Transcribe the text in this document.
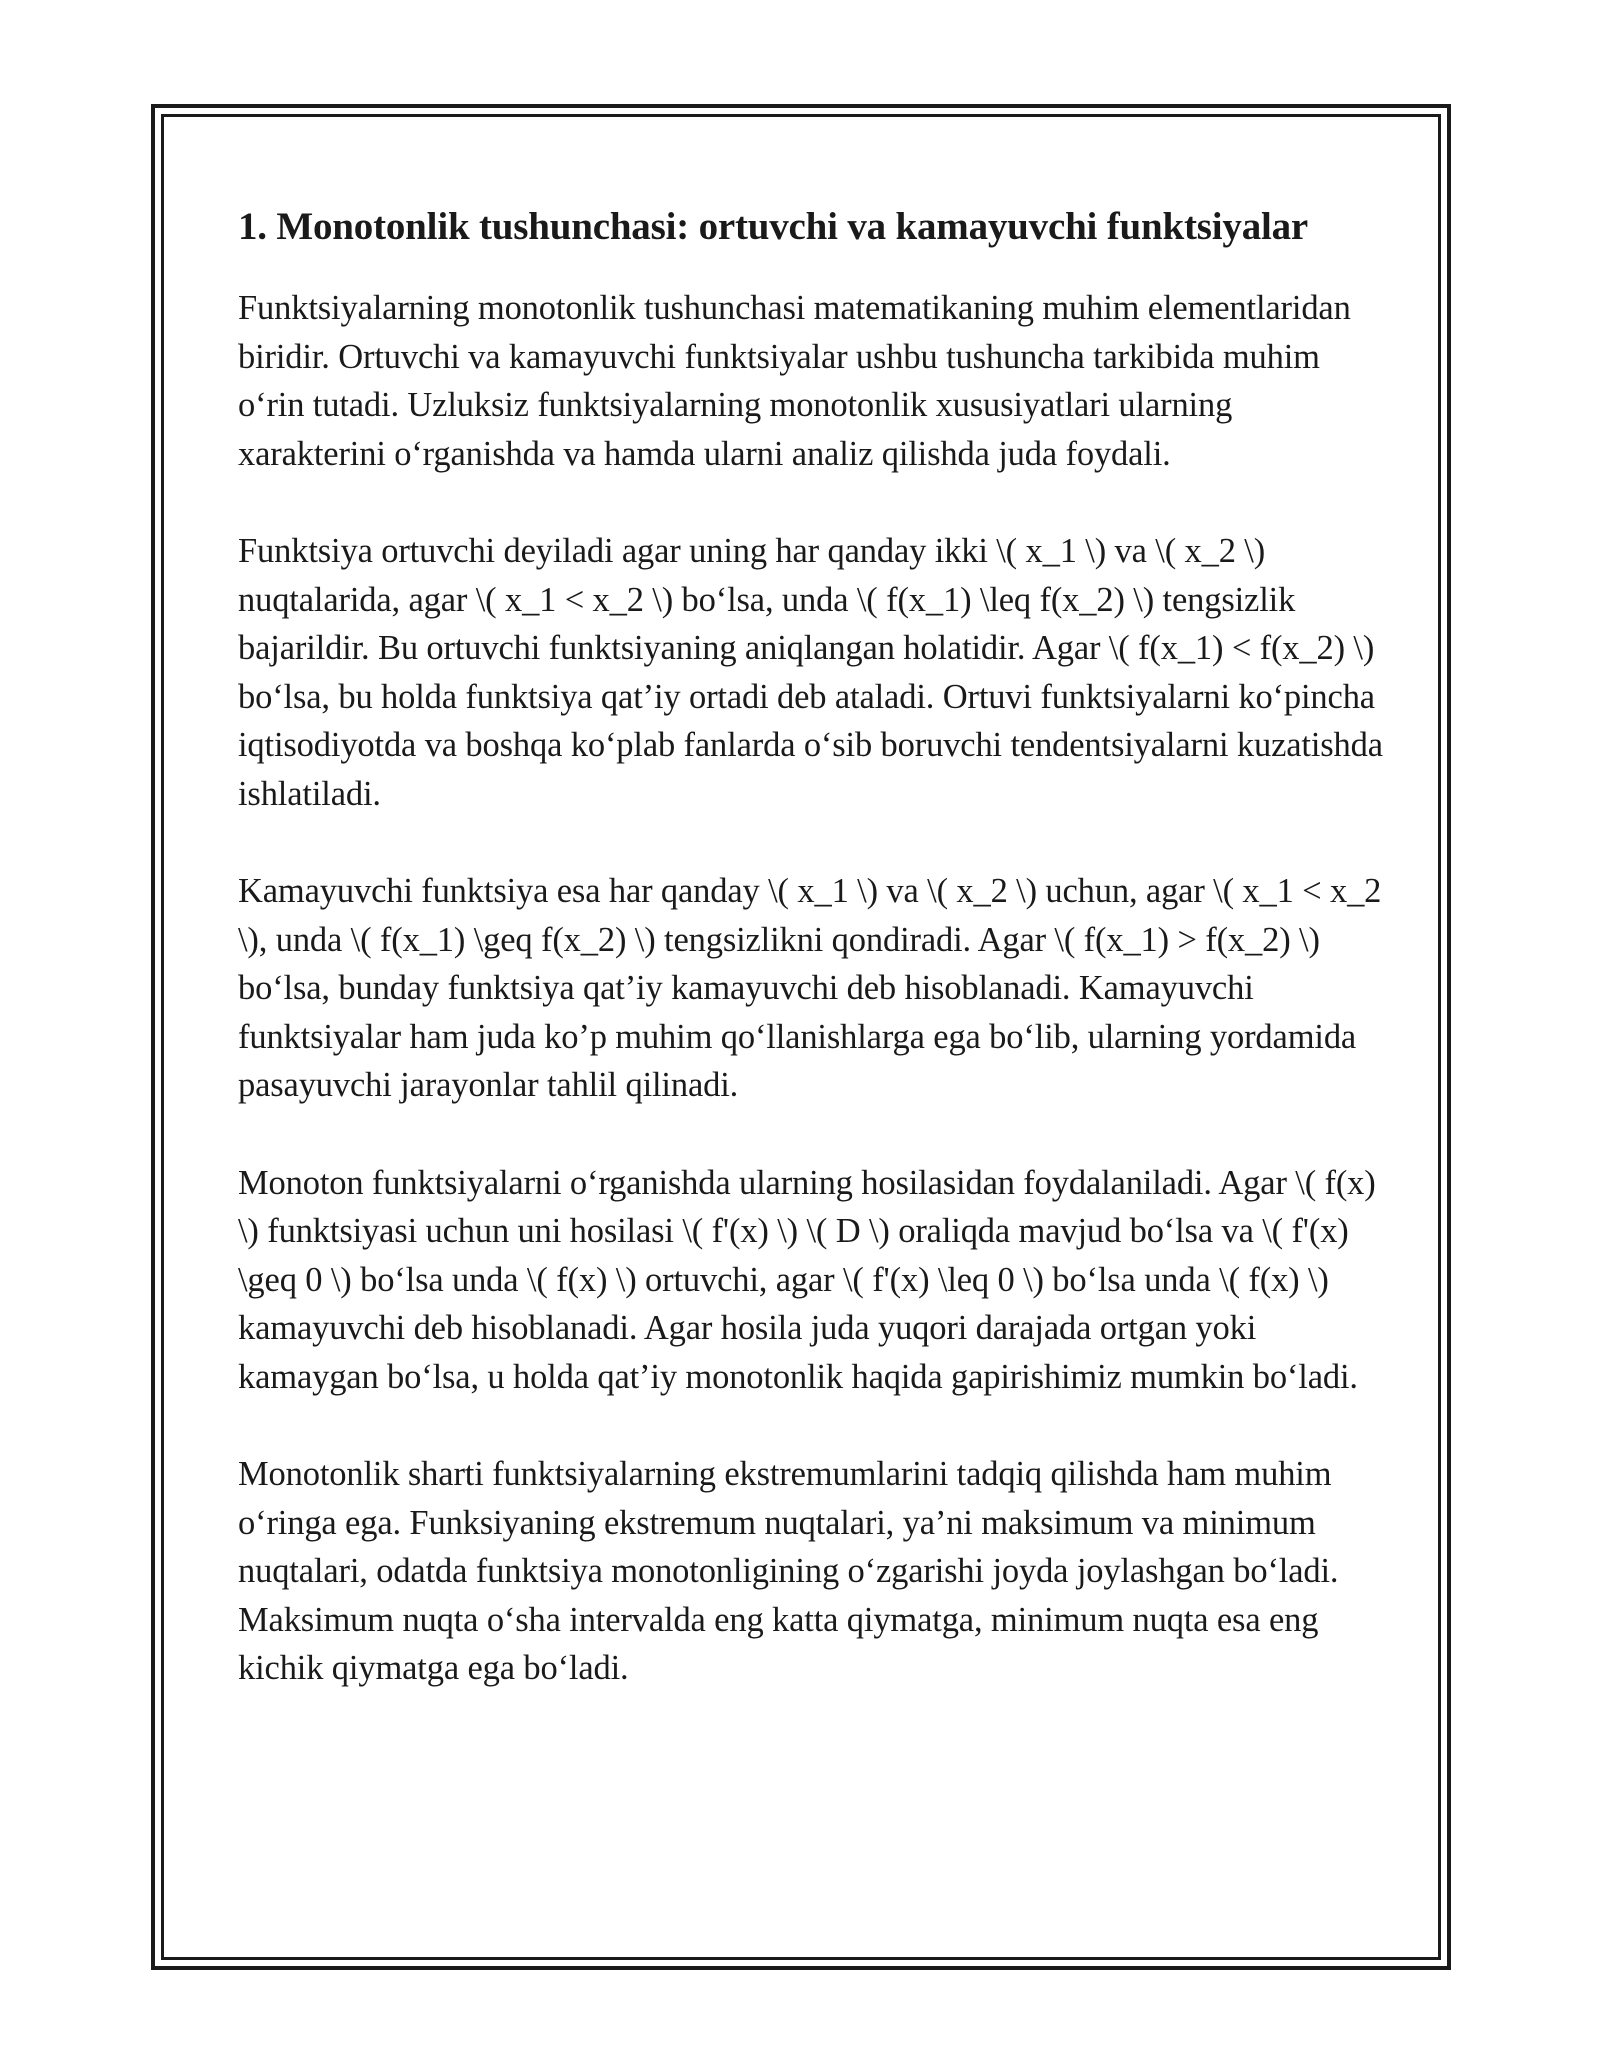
1. Monotonlik tushunchasi: ortuvchi va kamayuvchi funktsiyalar

Funktsiyalarning monotonlik tushunchasi matematikaning muhim elementlaridan biridir. Ortuvchi va kamayuvchi funktsiyalar ushbu tushuncha tarkibida muhim o‘rin tutadi. Uzluksiz funktsiyalarning monotonlik xususiyatlari ularning xarakterini o‘rganishda va hamda ularni analiz qilishda juda foydali.

Funktsiya ortuvchi deyiladi agar uning har qanday ikki \( x_1 \) va \( x_2 \) nuqtalarida, agar \( x_1 < x_2 \) bo‘lsa, unda \( f(x_1) \leq f(x_2) \) tengsizlik bajarildir. Bu ortuvchi funktsiyaning aniqlangan holatidir. Agar \( f(x_1) < f(x_2) \) bo‘lsa, bu holda funktsiya qat’iy ortadi deb ataladi. Ortuvi funktsiyalarni ko‘pincha iqtisodiyotda va boshqa ko‘plab fanlarda o‘sib boruvchi tendentsiyalarni kuzatishda ishlatiladi.

Kamayuvchi funktsiya esa har qanday \( x_1 \) va \( x_2 \) uchun, agar \( x_1 < x_2 \), unda \( f(x_1) \geq f(x_2) \) tengsizlikni qondiradi. Agar \( f(x_1) > f(x_2) \) bo‘lsa, bunday funktsiya qat’iy kamayuvchi deb hisoblanadi. Kamayuvchi funktsiyalar ham juda ko’p muhim qo‘llanishlarga ega bo‘lib, ularning yordamida pasayuvchi jarayonlar tahlil qilinadi.

Monoton funktsiyalarni o‘rganishda ularning hosilasidan foydalaniladi. Agar \( f(x) \) funktsiyasi uchun uni hosilasi \( f'(x) \) \( D \) oraliqda mavjud bo‘lsa va \( f'(x) \geq 0 \) bo‘lsa unda \( f(x) \) ortuvchi, agar \( f'(x) \leq 0 \) bo‘lsa unda \( f(x) \) kamayuvchi deb hisoblanadi. Agar hosila juda yuqori darajada ortgan yoki kamaygan bo‘lsa, u holda qat’iy monotonlik haqida gapirishimiz mumkin bo‘ladi.

Monotonlik sharti funktsiyalarning ekstremumlarini tadqiq qilishda ham muhim o‘ringa ega. Funksiyaning ekstremum nuqtalari, ya’ni maksimum va minimum nuqtalari, odatda funktsiya monotonligining o‘zgarishi joyda joylashgan bo‘ladi. Maksimum nuqta o‘sha intervalda eng katta qiymatga, minimum nuqta esa eng kichik qiymatga ega bo‘ladi.
